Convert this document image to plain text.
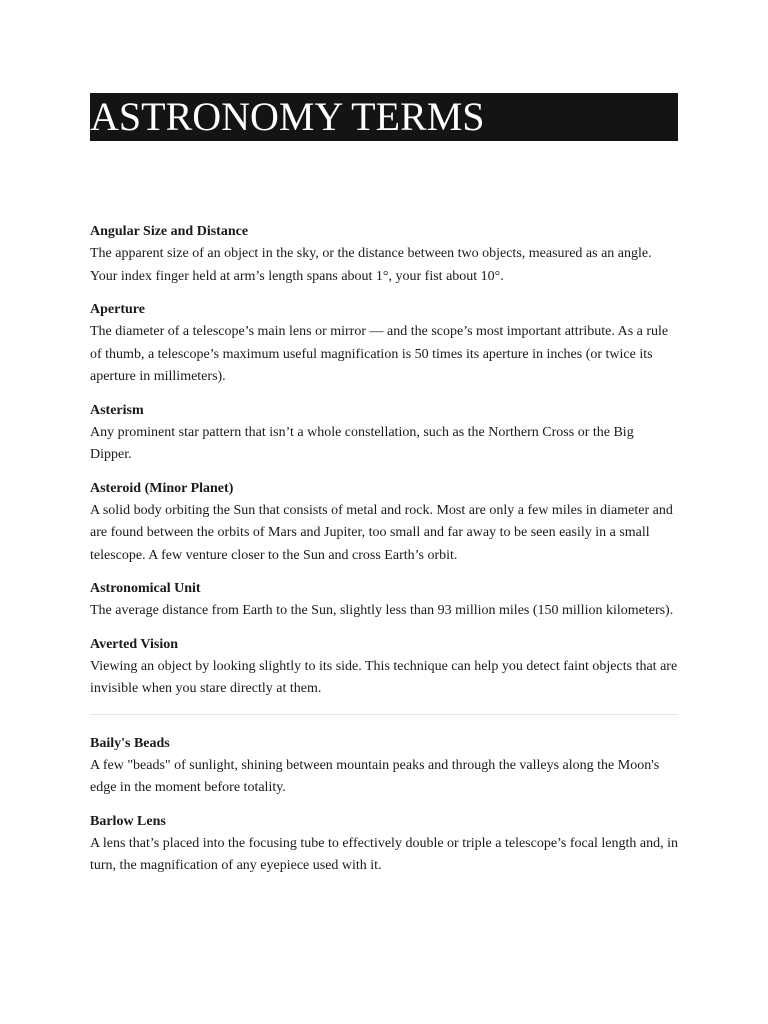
ASTRONOMY TERMS

Angular Size and Distance

The apparent size of an object in the sky, or the distance between two objects, measured as an angle. Your index finger held at arm’s length spans about 1°, your fist about 10°.

Aperture

The diameter of a telescope’s main lens or mirror — and the scope’s most important attribute. As a rule of thumb, a telescope’s maximum useful magnification is 50 times its aperture in inches (or twice its aperture in millimeters).

Asterism

Any prominent star pattern that isn’t a whole constellation, such as the Northern Cross or the Big Dipper.

Asteroid (Minor Planet)

A solid body orbiting the Sun that consists of metal and rock. Most are only a few miles in diameter and are found between the orbits of Mars and Jupiter, too small and far away to be seen easily in a small telescope. A few venture closer to the Sun and cross Earth’s orbit.

Astronomical Unit

The average distance from Earth to the Sun, slightly less than 93 million miles (150 million kilometers).

Averted Vision

Viewing an object by looking slightly to its side. This technique can help you detect faint objects that are invisible when you stare directly at them.

Baily's Beads

A few "beads" of sunlight, shining between mountain peaks and through the valleys along the Moon's edge in the moment before totality.

Barlow Lens

A lens that’s placed into the focusing tube to effectively double or triple a telescope’s focal length and, in turn, the magnification of any eyepiece used with it.
